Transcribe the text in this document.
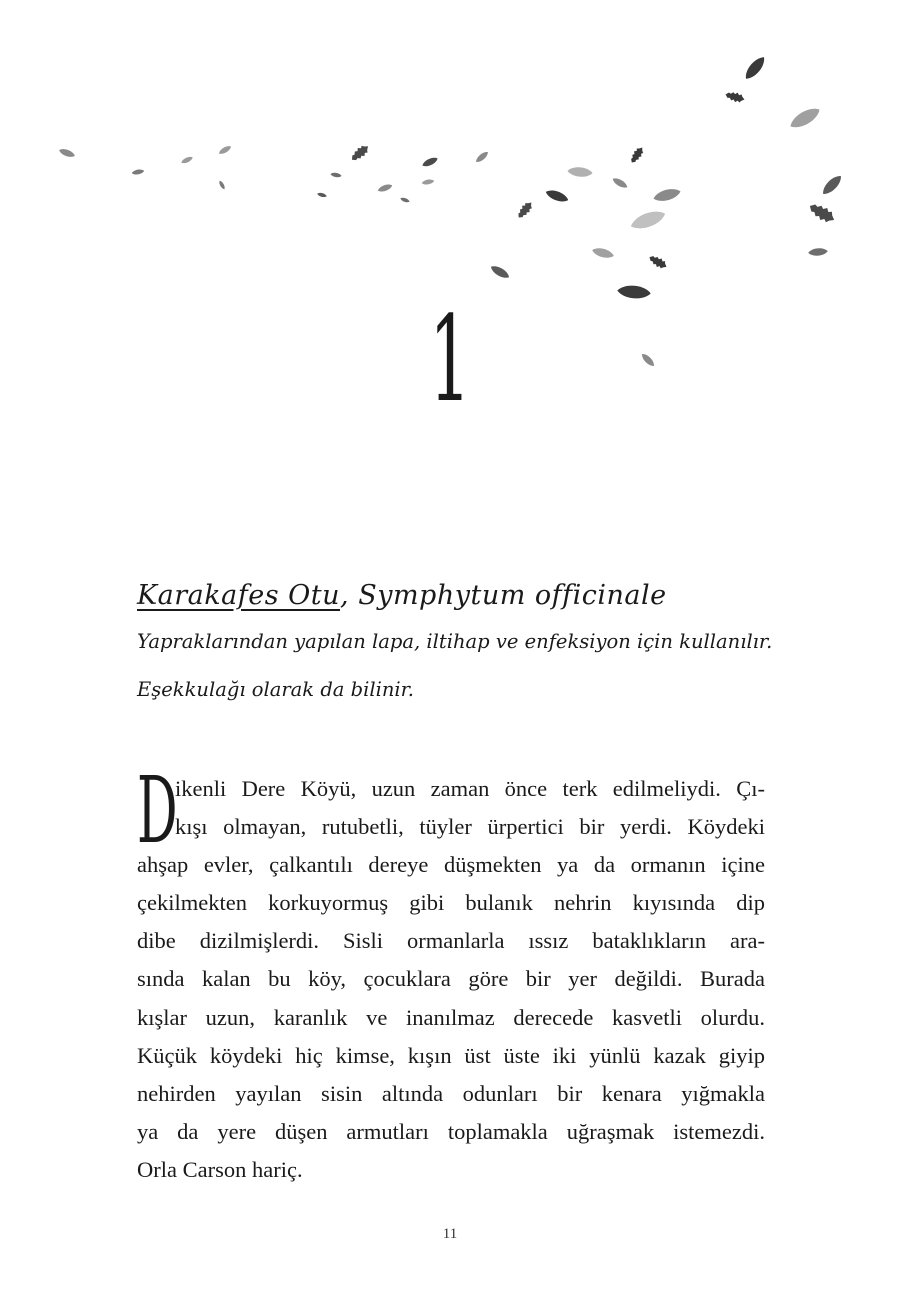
1
Karakafes Otu, Symphytum officinale
Yapraklarından yapılan lapa, iltihap ve enfeksiyon için kullanılır.
Eşekkulağı olarak da bilinir.
D
ikenli Dere Köyü, uzun zaman önce terk edilmeliydi. Çı-
kışı olmayan, rutubetli, tüyler ürpertici bir yerdi. Köydeki
ahşap evler, çalkantılı dereye düşmekten ya da ormanın içine
çekilmekten korkuyormuş gibi bulanık nehrin kıyısında dip
dibe dizilmişlerdi. Sisli ormanlarla ıssız bataklıkların ara-
sında kalan bu köy, çocuklara göre bir yer değildi. Burada
kışlar uzun, karanlık ve inanılmaz derecede kasvetli olurdu.
Küçük köydeki hiç kimse, kışın üst üste iki yünlü kazak giyip
nehirden yayılan sisin altında odunları bir kenara yığmakla
ya da yere düşen armutları toplamakla uğraşmak istemezdi.
Orla Carson hariç.
11
